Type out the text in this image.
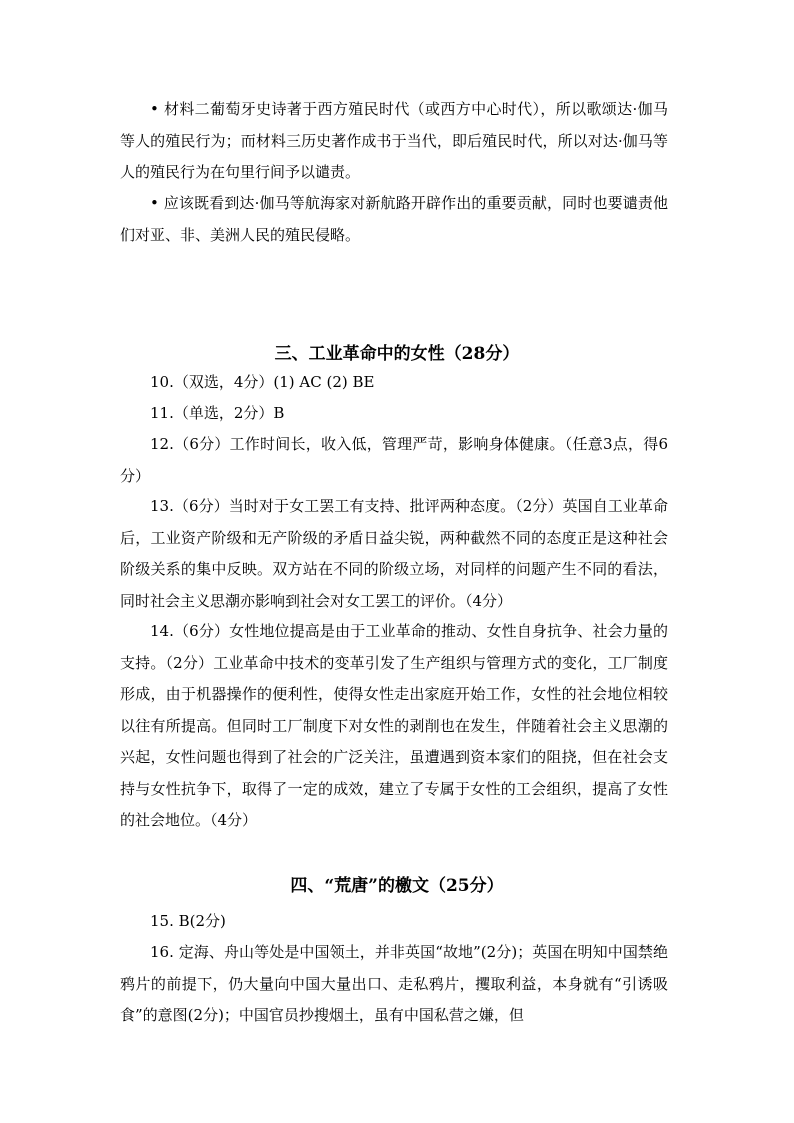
• 材料二葡萄牙史诗著于西方殖民时代（或西方中心时代），所以歌颂达·伽马等人的殖民行为；而材料三历史著作成书于当代，即后殖民时代，所以对达·伽马等人的殖民行为在句里行间予以谴责。

• 应该既看到达·伽马等航海家对新航路开辟作出的重要贡献，同时也要谴责他们对亚、非、美洲人民的殖民侵略。

三、工业革命中的女性（28分）

10.（双选，4分）(1) AC (2) BE

11.（单选，2分）B

12.（6分）工作时间长，收入低，管理严苛，影响身体健康。（任意3点，得6分）

13.（6分）当时对于女工罢工有支持、批评两种态度。（2分）英国自工业革命后，工业资产阶级和无产阶级的矛盾日益尖锐，两种截然不同的态度正是这种社会阶级关系的集中反映。双方站在不同的阶级立场，对同样的问题产生不同的看法，同时社会主义思潮亦影响到社会对女工罢工的评价。（4分）

14.（6分）女性地位提高是由于工业革命的推动、女性自身抗争、社会力量的支持。（2分）工业革命中技术的变革引发了生产组织与管理方式的变化，工厂制度形成，由于机器操作的便利性，使得女性走出家庭开始工作，女性的社会地位相较以往有所提高。但同时工厂制度下对女性的剥削也在发生，伴随着社会主义思潮的兴起，女性问题也得到了社会的广泛关注，虽遭遇到资本家们的阻挠，但在社会支持与女性抗争下，取得了一定的成效，建立了专属于女性的工会组织，提高了女性的社会地位。（4分）

四、“荒唐”的檄文（25分）

15. B(2分)

16. 定海、舟山等处是中国领土，并非英国“故地”(2分)；英国在明知中国禁绝鸦片的前提下，仍大量向中国大量出口、走私鸦片，攫取利益，本身就有“引诱吸食”的意图(2分)；中国官员抄搜烟土，虽有中国私营之嫌，但
